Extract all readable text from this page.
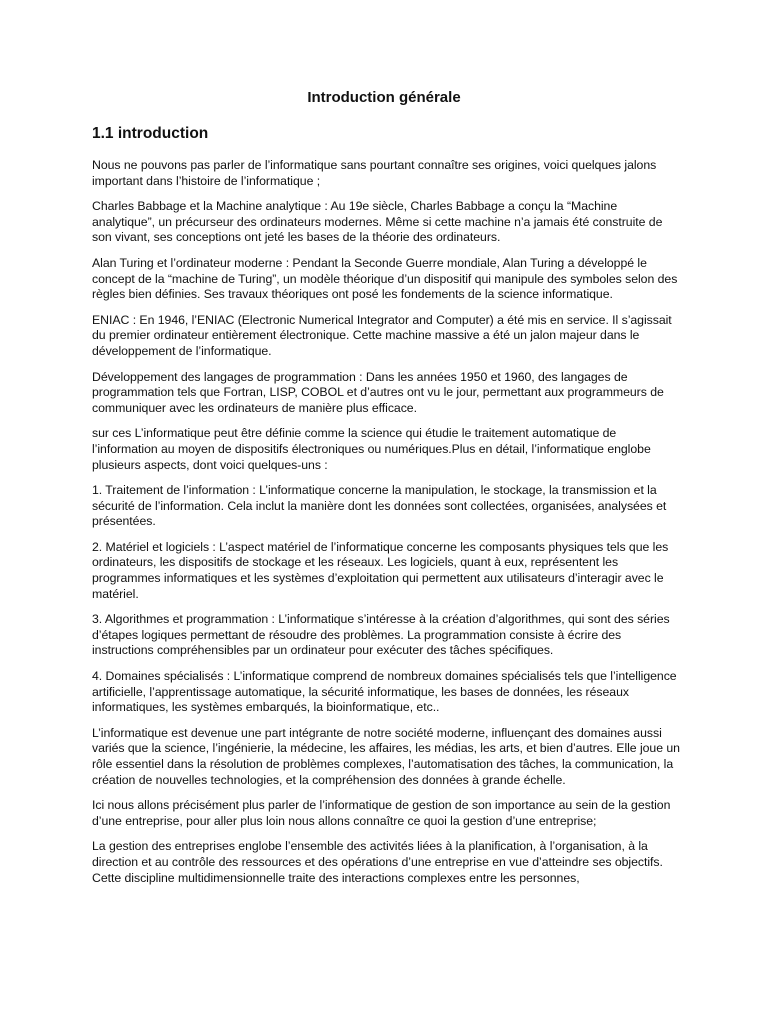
Introduction générale
1.1 introduction

Nous ne pouvons pas parler de l’informatique sans pourtant connaître ses origines, voici quelques jalons important dans l’histoire de l’informatique ;

Charles Babbage et la Machine analytique : Au 19e siècle, Charles Babbage a conçu la “Machine analytique”, un précurseur des ordinateurs modernes. Même si cette machine n’a jamais été construite de son vivant, ses conceptions ont jeté les bases de la théorie des ordinateurs.

Alan Turing et l’ordinateur moderne : Pendant la Seconde Guerre mondiale, Alan Turing a développé le concept de la “machine de Turing”, un modèle théorique d’un dispositif qui manipule des symboles selon des règles bien définies. Ses travaux théoriques ont posé les fondements de la science informatique.

ENIAC : En 1946, l’ENIAC (Electronic Numerical Integrator and Computer) a été mis en service. Il s’agissait du premier ordinateur entièrement électronique. Cette machine massive a été un jalon majeur dans le développement de l’informatique.

Développement des langages de programmation : Dans les années 1950 et 1960, des langages de programmation tels que Fortran, LISP, COBOL et d’autres ont vu le jour, permettant aux programmeurs de communiquer avec les ordinateurs de manière plus efficace.

sur ces L’informatique peut être définie comme la science qui étudie le traitement automatique de l’information au moyen de dispositifs électroniques ou numériques.Plus en détail, l’informatique englobe plusieurs aspects, dont voici quelques-uns :

1. Traitement de l’information : L’informatique concerne la manipulation, le stockage, la transmission et la sécurité de l’information. Cela inclut la manière dont les données sont collectées, organisées, analysées et présentées.

2. Matériel et logiciels : L’aspect matériel de l’informatique concerne les composants physiques tels que les ordinateurs, les dispositifs de stockage et les réseaux. Les logiciels, quant à eux, représentent les programmes informatiques et les systèmes d’exploitation qui permettent aux utilisateurs d’interagir avec le matériel.

3. Algorithmes et programmation : L’informatique s’intéresse à la création d’algorithmes, qui sont des séries d’étapes logiques permettant de résoudre des problèmes. La programmation consiste à écrire des instructions compréhensibles par un ordinateur pour exécuter des tâches spécifiques.

4. Domaines spécialisés : L’informatique comprend de nombreux domaines spécialisés tels que l’intelligence artificielle, l’apprentissage automatique, la sécurité informatique, les bases de données, les réseaux informatiques, les systèmes embarqués, la bioinformatique, etc..

L’informatique est devenue une part intégrante de notre société moderne, influençant des domaines aussi variés que la science, l’ingénierie, la médecine, les affaires, les médias, les arts, et bien d’autres. Elle joue un rôle essentiel dans la résolution de problèmes complexes, l’automatisation des tâches, la communication, la création de nouvelles technologies, et la compréhension des données à grande échelle.

Ici nous allons précisément plus parler de l’informatique de gestion de son importance au sein de la gestion d’une entreprise, pour aller plus loin nous allons connaître ce quoi la gestion d’une entreprise;

La gestion des entreprises englobe l’ensemble des activités liées à la planification, à l’organisation, à la direction et au contrôle des ressources et des opérations d’une entreprise en vue d’atteindre ses objectifs. Cette discipline multidimensionnelle traite des interactions complexes entre les personnes,
